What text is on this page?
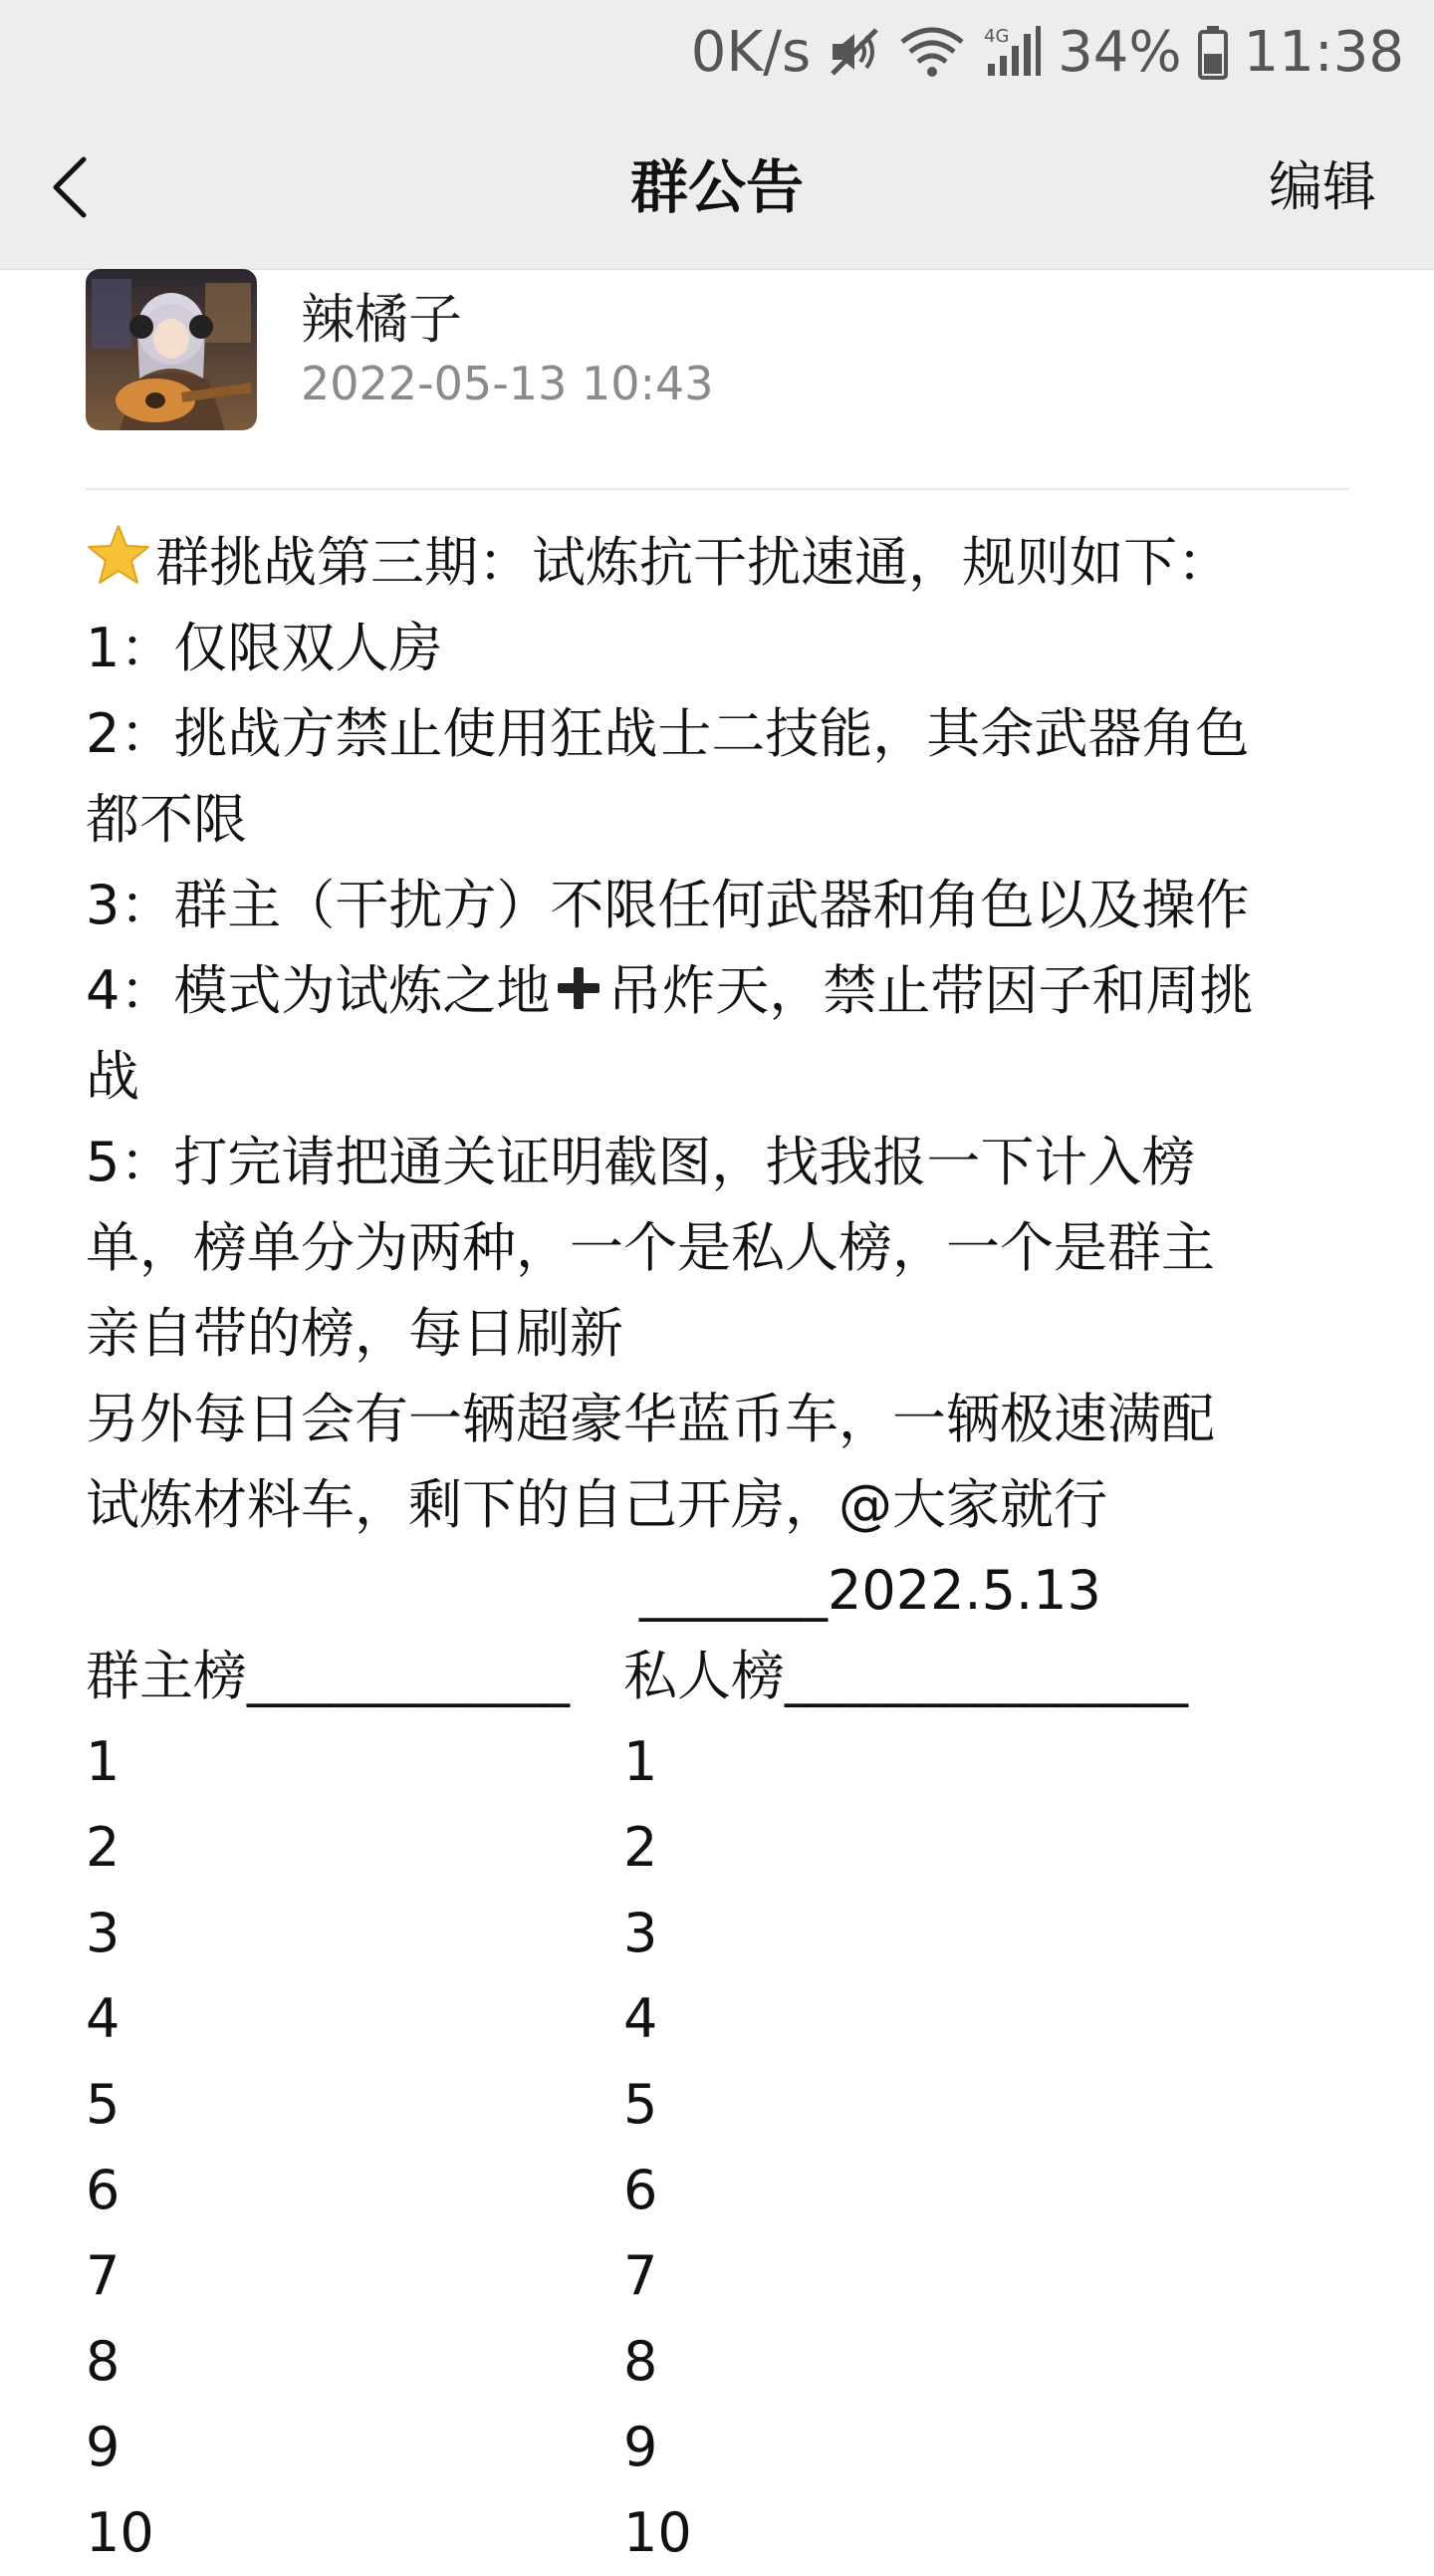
0K/s	4G 34% 11:38
群公告	编辑
辣橘子
2022-05-13 10:43
群挑战第三期：试炼抗干扰速通，规则如下：
1：仅限双人房
2：挑战方禁止使用狂战士二技能，其余武器角色
都不限
3：群主（干扰方）不限任何武器和角色以及操作
4：模式为试炼之地 吊炸天，禁止带因子和周挑
战
5：打完请把通关证明截图，找我报一下计入榜
单，榜单分为两种，一个是私人榜，一个是群主
亲自带的榜，每日刷新
另外每日会有一辆超豪华蓝币车，一辆极速满配
试炼材料车，剩下的自己开房，@大家就行
_______2022.5.13
群主榜____________ 私人榜_______________
1	1
2	2
3	3
4	4
5	5
6	6
7	7
8	8
9	9
10	10
